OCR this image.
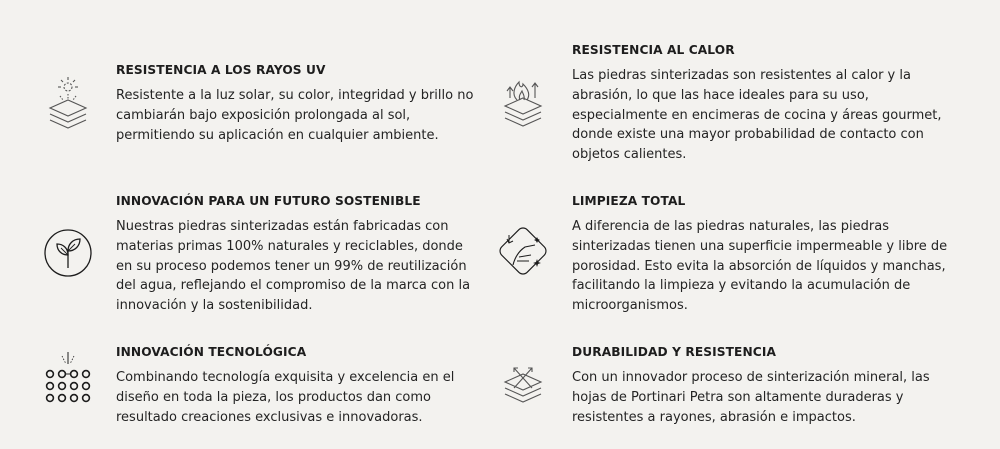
RESISTENCIA A LOS RAYOS UV

Resistente a la luz solar, su color, integridad y brillo no cambiarán bajo exposición prolongada al sol, permitiendo su aplicación en cualquier ambiente.

RESISTENCIA AL CALOR

Las piedras sinterizadas son resistentes al calor y la abrasión, lo que las hace ideales para su uso, especialmente en encimeras de cocina y áreas gourmet, donde existe una mayor probabilidad de contacto con objetos calientes.

INNOVACIÓN PARA UN FUTURO SOSTENIBLE

Nuestras piedras sinterizadas están fabricadas con materias primas 100% naturales y reciclables, donde en su proceso podemos tener un 99% de reutilización del agua, reflejando el compromiso de la marca con la innovación y la sostenibilidad.

LIMPIEZA TOTAL

A diferencia de las piedras naturales, las piedras sinterizadas tienen una superficie impermeable y libre de porosidad. Esto evita la absorción de líquidos y manchas, facilitando la limpieza y evitando la acumulación de microorganismos.

INNOVACIÓN TECNOLÓGICA

Combinando tecnología exquisita y excelencia en el diseño en toda la pieza, los productos dan como resultado creaciones exclusivas e innovadoras.

DURABILIDAD Y RESISTENCIA

Con un innovador proceso de sinterización mineral, las hojas de Portinari Petra son altamente duraderas y resistentes a rayones, abrasión e impactos.
